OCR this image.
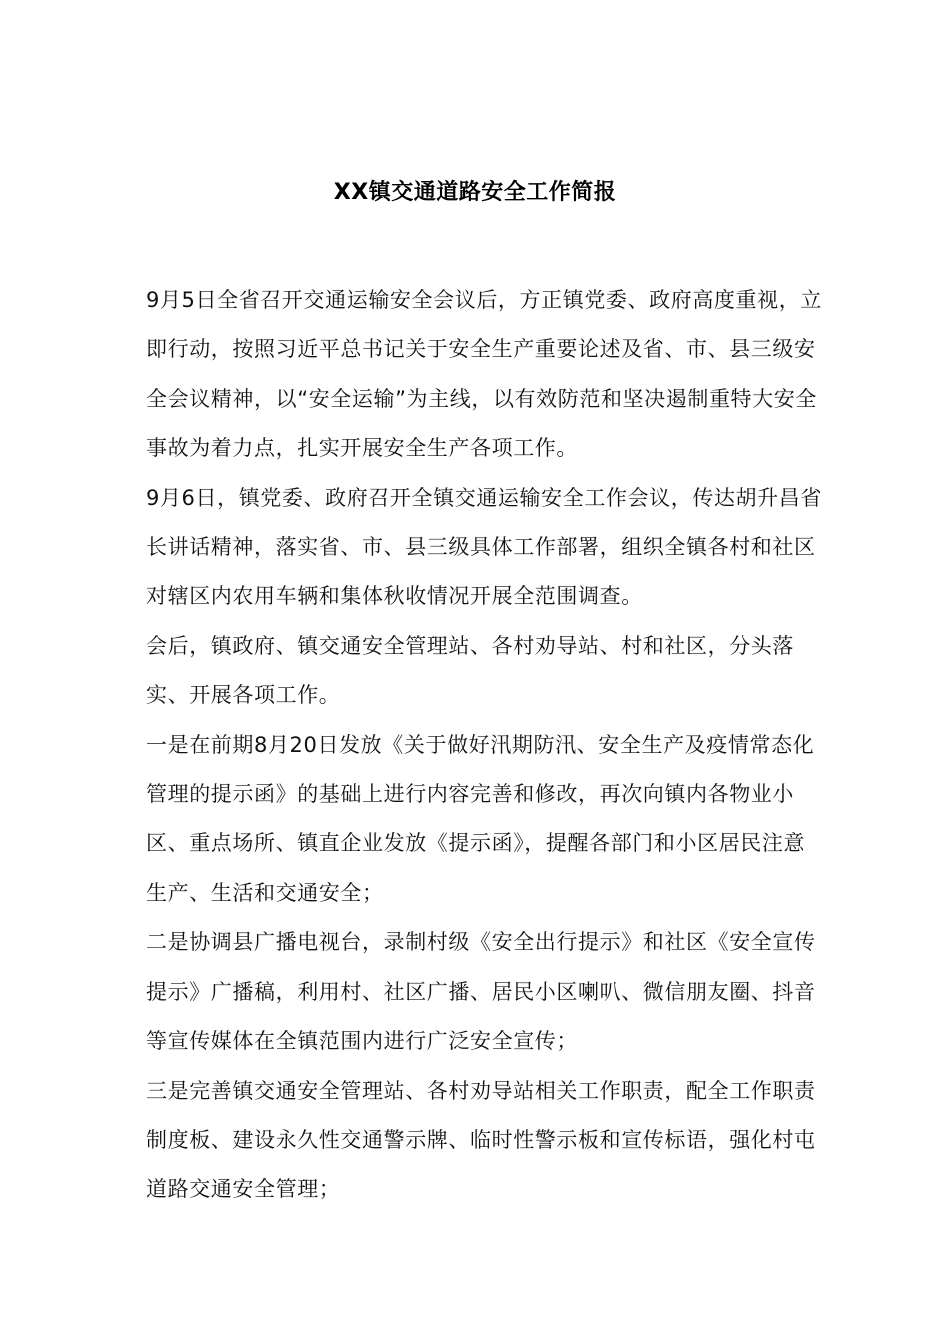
XX镇交通道路安全工作简报

9月5日全省召开交通运输安全会议后，方正镇党委、政府高度重视，立即行动，按照习近平总书记关于安全生产重要论述及省、市、县三级安全会议精神，以“安全运输”为主线，以有效防范和坚决遏制重特大安全事故为着力点，扎实开展安全生产各项工作。

9月6日，镇党委、政府召开全镇交通运输安全工作会议，传达胡升昌省长讲话精神，落实省、市、县三级具体工作部署，组织全镇各村和社区对辖区内农用车辆和集体秋收情况开展全范围调查。

会后，镇政府、镇交通安全管理站、各村劝导站、村和社区，分头落实、开展各项工作。

一是在前期8月20日发放《关于做好汛期防汛、安全生产及疫情常态化管理的提示函》的基础上进行内容完善和修改，再次向镇内各物业小区、重点场所、镇直企业发放《提示函》，提醒各部门和小区居民注意生产、生活和交通安全；

二是协调县广播电视台，录制村级《安全出行提示》和社区《安全宣传提示》广播稿，利用村、社区广播、居民小区喇叭、微信朋友圈、抖音等宣传媒体在全镇范围内进行广泛安全宣传；

三是完善镇交通安全管理站、各村劝导站相关工作职责，配全工作职责制度板、建设永久性交通警示牌、临时性警示板和宣传标语，强化村屯道路交通安全管理；
